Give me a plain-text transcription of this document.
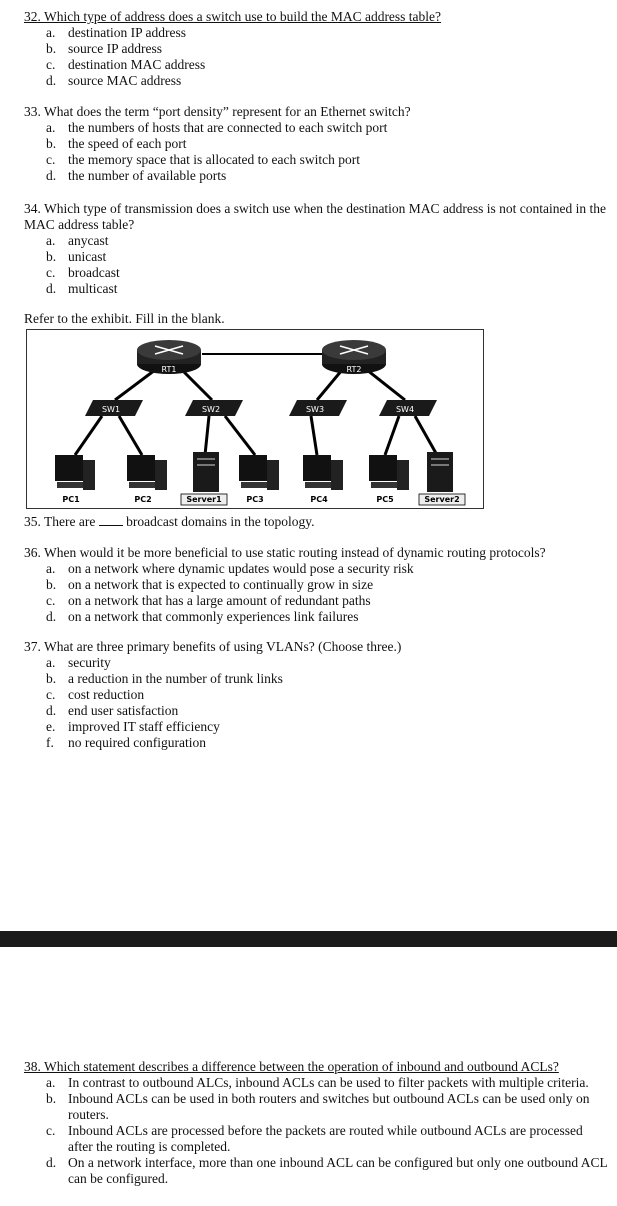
32. Which type of address does a switch use to build the MAC address table?

a. destination IP address
b. source IP address
c. destination MAC address
d. source MAC address

33. What does the term “port density” represent for an Ethernet switch?

a. the numbers of hosts that are connected to each switch port
b. the speed of each port
c. the memory space that is allocated to each switch port
d. the number of available ports

34. Which type of transmission does a switch use when the destination MAC address is not contained in the MAC address table?

a. anycast
b. unicast
c. broadcast
d. multicast
Refer to the exhibit. Fill in the blank.
RT1	RT2
SW1	SW2	SW3	SW4
PC1	PC2	Server1	PC3	PC4	PC5	Server2
35. There are  broadcast domains in the topology.

36. When would it be more beneficial to use static routing instead of dynamic routing protocols?

a. on a network where dynamic updates would pose a security risk
b. on a network that is expected to continually grow in size
c. on a network that has a large amount of redundant paths
d. on a network that commonly experiences link failures

37. What are three primary benefits of using VLANs? (Choose three.)

a. security
b. a reduction in the number of trunk links
c. cost reduction
d. end user satisfaction
e. improved IT staff efficiency
f.	no required configuration

38. Which statement describes a difference between the operation of inbound and outbound ACLs?

a. In contrast to outbound ALCs, inbound ACLs can be used to filter packets with multiple criteria.
b. Inbound ACLs can be used in both routers and switches but outbound ACLs can be used only on routers.
c. Inbound ACLs are processed before the packets are routed while outbound ACLs are processed after the routing is completed.
d. On a network interface, more than one inbound ACL can be configured but only one outbound ACL can be configured.
